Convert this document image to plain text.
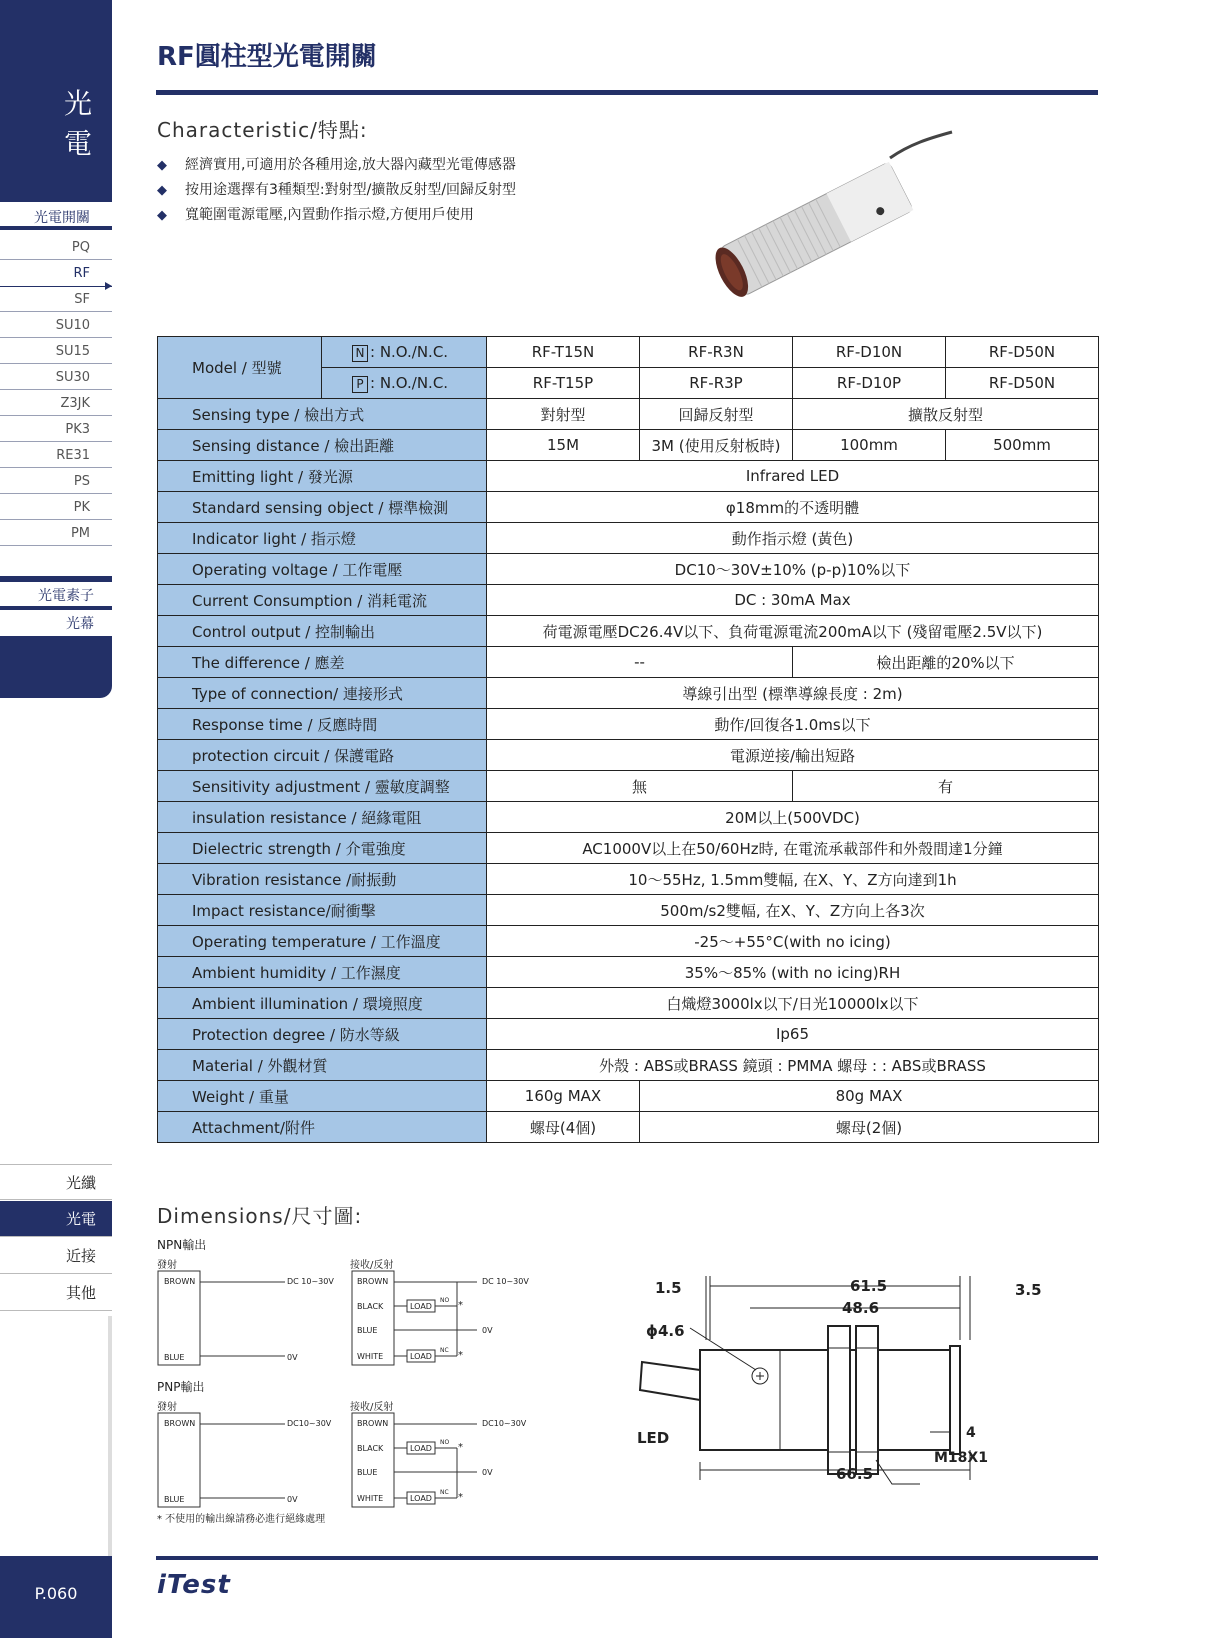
光電
光電開關
PQ
RF
SF
SU10
SU15
SU30
Z3JK
PK3
RE31
PS
PK
PM
光電素子
光幕
光纖
光電
近接
其他
P.060
RF圓柱型光電開關
Characteristic/特點:
◆ 經濟實用,可適用於各種用途,放大器內藏型光電傳感器
◆ 按用途選擇有3種類型:對射型/擴散反射型/回歸反射型
◆ 寬範圍電源電壓,內置動作指示燈,方便用戶使用
Model / 型號	N : N.O./N.C.	RF-T15N	RF-R3N	RF-D10N	RF-D50N
	P : N.O./N.C.	RF-T15P	RF-R3P	RF-D10P	RF-D50N
Sensing type / 檢出方式		對射型	回歸反射型	擴散反射型	
Sensing distance / 檢出距離		15M	3M (使用反射板時)	100mm	500mm
Emitting light / 發光源		Infrared LED			
Standard sensing object / 標準檢測		φ18mm的不透明體			
Indicator light / 指示燈		動作指示燈 (黃色)			
Operating voltage / 工作電壓		DC10～30V±10% (p-p)10%以下			
Current Consumption / 消耗電流		DC : 30mA Max			
Control output / 控制輸出		荷電源電壓DC26.4V以下、負荷電源電流200mA以下 (殘留電壓2.5V以下)			
The difference / 應差		--		檢出距離的20%以下	
Type of connection/ 連接形式		導線引出型 (標準導線長度 : 2m)			
Response time / 反應時間		動作/回復各1.0ms以下			
protection circuit / 保護電路		電源逆接/輸出短路			
Sensitivity adjustment / 靈敏度調整		無		有	
insulation resistance / 絕緣電阻		20M以上(500VDC)			
Dielectric strength / 介電強度		AC1000V以上在50/60Hz時, 在電流承載部件和外殼間達1分鐘			
Vibration resistance /耐振動		10～55Hz, 1.5mm雙幅, 在X、Y、Z方向達到1h			
Impact resistance/耐衝擊		500m/s2雙幅, 在X、Y、Z方向上各3次			
Operating temperature / 工作溫度		-25～+55°C(with no icing)			
Ambient humidity / 工作濕度		35%～85% (with no icing)RH			
Ambient illumination / 環境照度		白熾燈3000lx以下/日光10000lx以下			
Protection degree / 防水等級		Ip65			
Material / 外觀材質		外殼 : ABS或BRASS 鏡頭 : PMMA 螺母 : : ABS或BRASS			
Weight / 重量		160g MAX	80g MAX		
Attachment/附件		螺母(4個)	螺母(2個)		
Dimensions/尺寸圖:
NPN輸出
發射	接收/反射
BROWN
BLUE
DC 10~30V
0V
BROWN
BLACK
BLUE
WHITE
LOAD
LOAD
NO
NC
*
*
DC 10~30V
0V
PNP輸出
發射	接收/反射
BROWN
BLUE
DC10~30V
0V
BROWN
BLACK
BLUE
WHITE
LOAD
LOAD
NO
NC
*
*
DC10~30V
0V
* 不使用的輸出線請務必進行絕緣處理
1.5	61.5
48.6
3.5
ϕ4.6
LED	4
M18X1
66.5
iTest
